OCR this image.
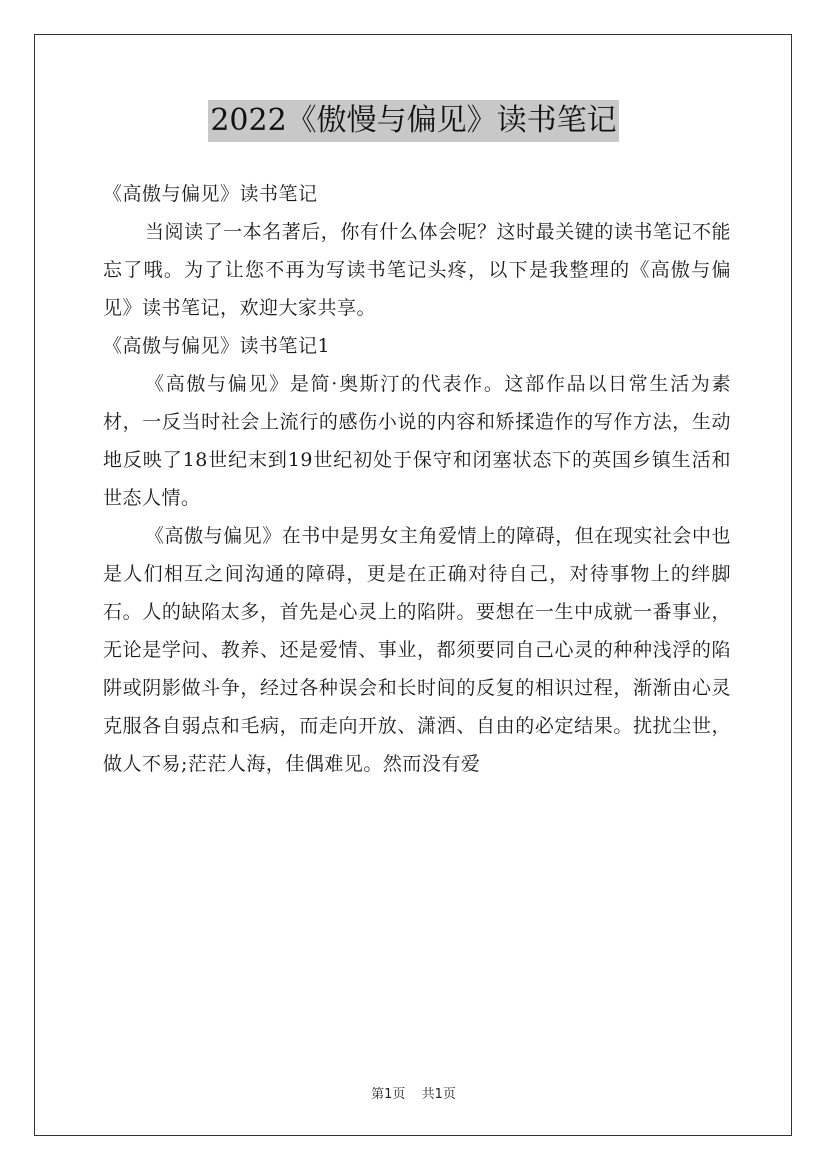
2022《傲慢与偏见》读书笔记

《高傲与偏见》读书笔记

当阅读了一本名著后，你有什么体会呢？这时最关键的读书笔记不能忘了哦。为了让您不再为写读书笔记头疼，以下是我整理的《高傲与偏见》读书笔记，欢迎大家共享。

《高傲与偏见》读书笔记1

《高傲与偏见》是简·奥斯汀的代表作。这部作品以日常生活为素材，一反当时社会上流行的感伤小说的内容和矫揉造作的写作方法，生动地反映了18世纪末到19世纪初处于保守和闭塞状态下的英国乡镇生活和世态人情。

《高傲与偏见》在书中是男女主角爱情上的障碍，但在现实社会中也是人们相互之间沟通的障碍，更是在正确对待自己，对待事物上的绊脚石。人的缺陷太多，首先是心灵上的陷阱。要想在一生中成就一番事业，无论是学问、教养、还是爱情、事业，都须要同自己心灵的种种浅浮的陷阱或阴影做斗争，经过各种误会和长时间的反复的相识过程，渐渐由心灵克服各自弱点和毛病，而走向开放、潇洒、自由的必定结果。扰扰尘世，做人不易;茫茫人海，佳偶难见。然而没有爱

第1页 共1页
